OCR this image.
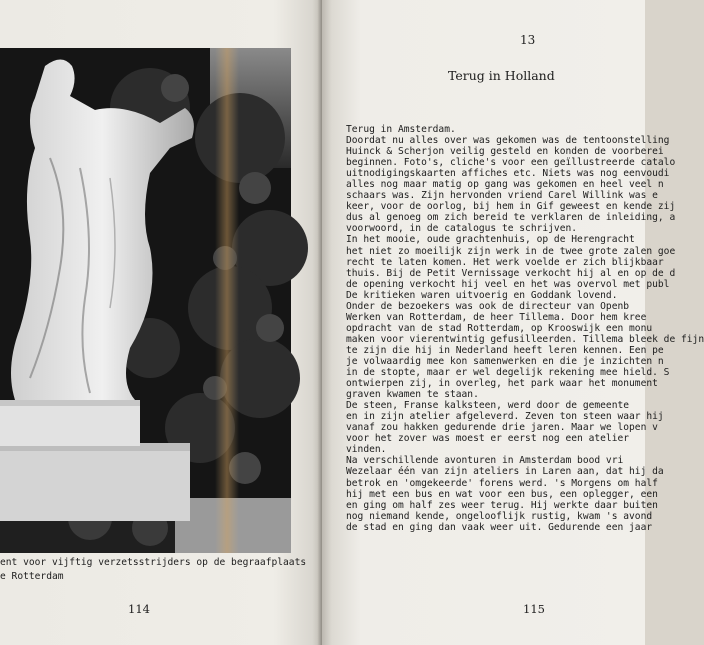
ent voor vijftig verzetsstrijders op de begraafplaats
e Rotterdam
114
13
Terug in Holland
Terug in Amsterdam.
Doordat nu alles over was gekomen was de tentoonstelling
Huinck & Scherjon veilig gesteld en konden de voorberei
beginnen. Foto's, cliche's voor een geïllustreerde catalo
uitnodigingskaarten affiches etc. Niets was nog eenvoudi
alles nog maar matig op gang was gekomen en heel veel n
schaars was. Zijn hervonden vriend Carel Willink was e
keer, voor de oorlog, bij hem in Gif geweest en kende zij
dus al genoeg om zich bereid te verklaren de inleiding, a
voorwoord, in de catalogus te schrijven.
In het mooie, oude grachtenhuis, op de Herengracht
het niet zo moeilijk zijn werk in de twee grote zalen goe
recht te laten komen. Het werk voelde er zich blijkbaar
thuis. Bij de Petit Vernissage verkocht hij al en op de d
de opening verkocht hij veel en het was overvol met publ
De kritieken waren uitvoerig en Goddank lovend.
Onder de bezoekers was ook de directeur van Openb
Werken van Rotterdam, de heer Tillema. Door hem kree
opdracht van de stad Rotterdam, op Krooswijk een monu
maken voor vierentwintig gefusilleerden. Tillema bleek de fijn
te zijn die hij in Nederland heeft leren kennen. Een pe
je volwaardig mee kon samenwerken en die je inzichten n
in de stopte, maar er wel degelijk rekening mee hield. S
ontwierpen zij, in overleg, het park waar het monument
graven kwamen te staan.
De steen, Franse kalksteen, werd door de gemeente
en in zijn atelier afgeleverd. Zeven ton steen waar hij
vanaf zou hakken gedurende drie jaren. Maar we lopen v
voor het zover was moest er eerst nog een atelier
vinden.
Na verschillende avonturen in Amsterdam bood vri
Wezelaar één van zijn ateliers in Laren aan, dat hij da
betrok en 'omgekeerde' forens werd. 's Morgens om half
hij met een bus en wat voor een bus, een oplegger, een
en ging om half zes weer terug. Hij werkte daar buiten
nog niemand kende, ongelooflijk rustig, kwam 's avond
de stad en ging dan vaak weer uit. Gedurende een jaar
115
